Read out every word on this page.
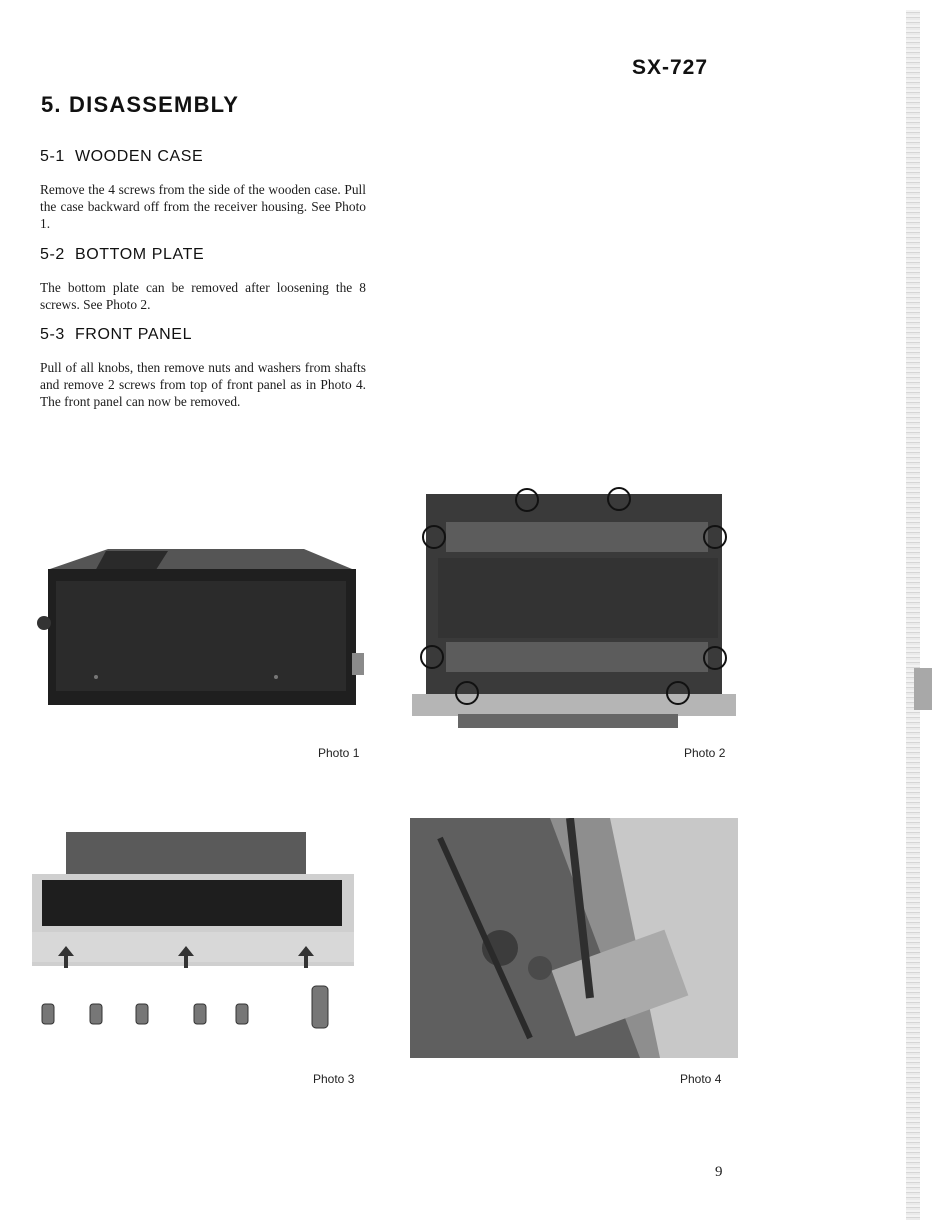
SX-727
5. DISASSEMBLY
5-1 WOODEN CASE
Remove the 4 screws from the side of the wooden case. Pull the case backward off from the receiver housing. See Photo 1.
5-2 BOTTOM PLATE
The bottom plate can be removed after loosening the 8 screws. See Photo 2.
5-3 FRONT PANEL
Pull of all knobs, then remove nuts and washers from shafts and remove 2 screws from top of front panel as in Photo 4. The front panel can now be removed.
Photo 1	Photo 2
Photo 3	Photo 4
9
